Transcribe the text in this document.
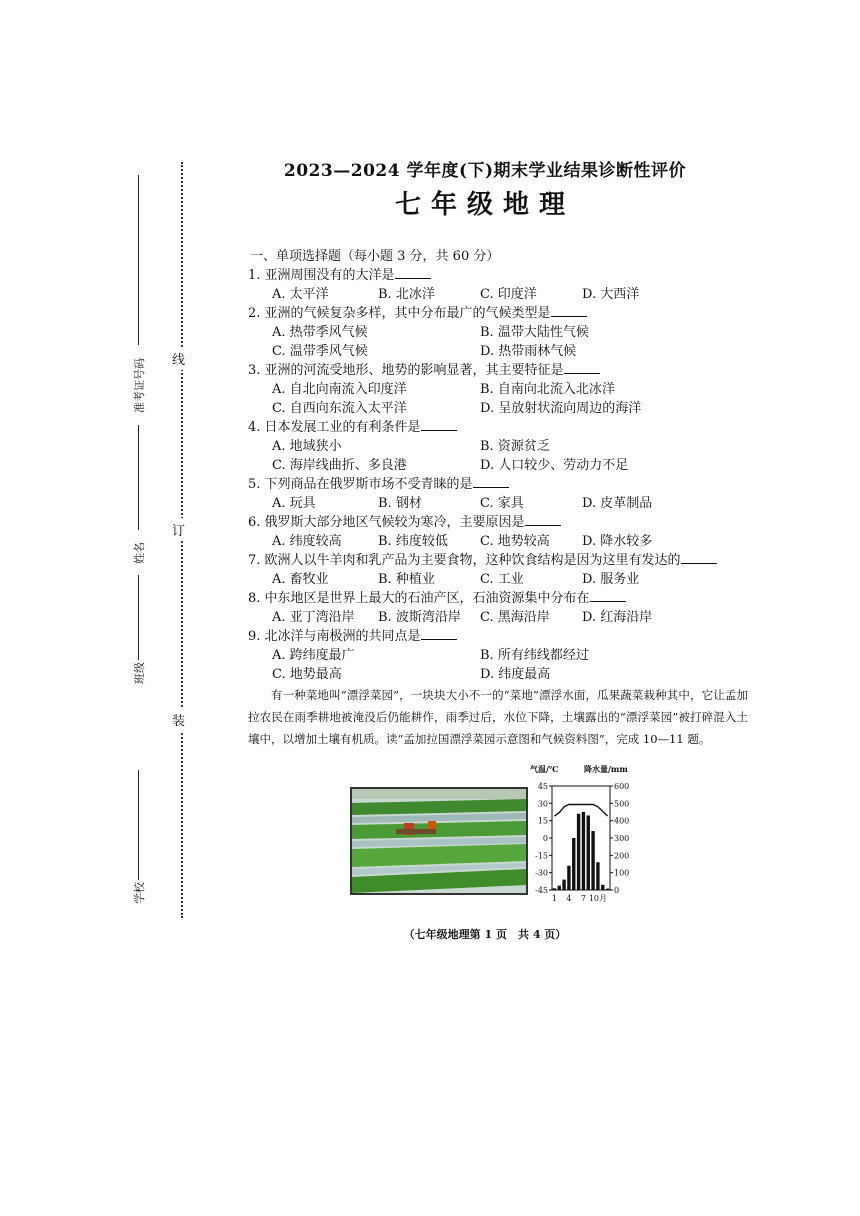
准考证号码
姓名
班级
学校
线
订
装
2023—2024 学年度(下)期末学业结果诊断性评价
七年级地理
一、单项选择题（每小题 3 分，共 60 分）
1. 亚洲周围没有的大洋是
A. 太平洋	B. 北冰洋	C. 印度洋	D. 大西洋
2. 亚洲的气候复杂多样，其中分布最广的气候类型是
A. 热带季风气候	B. 温带大陆性气候
C. 温带季风气候	D. 热带雨林气候
3. 亚洲的河流受地形、地势的影响显著，其主要特征是
A. 自北向南流入印度洋	B. 自南向北流入北冰洋
C. 自西向东流入太平洋	D. 呈放射状流向周边的海洋
4. 日本发展工业的有利条件是
A. 地域狭小	B. 资源贫乏
C. 海岸线曲折、多良港	D. 人口较少、劳动力不足
5. 下列商品在俄罗斯市场不受青睐的是
A. 玩具	B. 钢材	C. 家具	D. 皮革制品
6. 俄罗斯大部分地区气候较为寒冷，主要原因是
A. 纬度较高	B. 纬度较低 C. 地势较高 D. 降水较多
7. 欧洲人以牛羊肉和乳产品为主要食物，这种饮食结构是因为这里有发达的
A. 畜牧业	B. 种植业	C. 工业	D. 服务业
8. 中东地区是世界上最大的石油产区，石油资源集中分布在
A. 亚丁湾沿岸 B. 波斯湾沿岸 C. 黑海沿岸 D. 红海沿岸
9. 北冰洋与南极洲的共同点是
A. 跨纬度最广	B. 所有纬线都经过
C. 地势最高	D. 纬度最高
有一种菜地叫“漂浮菜园”，一块块大小不一的“菜地”漂浮水面，瓜果蔬菜栽种其中，它让孟加拉农民在雨季耕地被淹没后仍能耕作，雨季过后，水位下降，土壤露出的“漂浮菜园”被打碎混入土壤中，以增加土壤有机质。读“孟加拉国漂浮菜园示意图和气候资料图”，完成 10—11 题。
气温/℃	降水量/mm
45
30
15
0
-15
-30
-45
600
500
400
300
200
100
0
1 4 7 10月
（七年级地理第 1 页　共 4 页）
